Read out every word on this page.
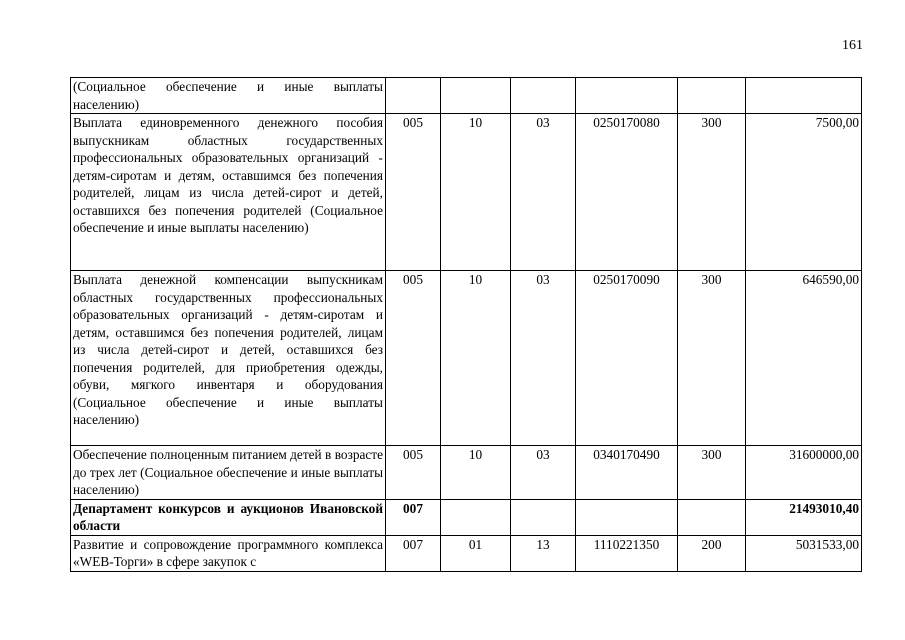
161
(Социальное обеспечение и иные выплаты населению)						
Выплата единовременного денежного пособия выпускникам областных государственных профессиональных образовательных организаций - детям-сиротам и детям, оставшимся без попечения родителей, лицам из числа детей-сирот и детей, оставшихся без попечения родителей (Социальное обеспечение и иные выплаты населению)	005	10	03	0250170080	300	7500,00
Выплата денежной компенсации выпускникам областных государственных профессиональных образовательных организаций - детям-сиротам и детям, оставшимся без попечения родителей, лицам из числа детей-сирот и детей, оставшихся без попечения родителей, для приобретения одежды, обуви, мягкого инвентаря и оборудования (Социальное обеспечение и иные выплаты населению)	005	10	03	0250170090	300	646590,00
Обеспечение полноценным питанием детей в возрасте до трех лет (Социальное обеспечение и иные выплаты населению)	005	10	03	0340170490	300	31600000,00
Департамент конкурсов и аукционов Ивановской области	007					21493010,40
Развитие и сопровождение программного комплекса «WEB-Торги» в сфере закупок с	007	01	13	1110221350	200	5031533,00
